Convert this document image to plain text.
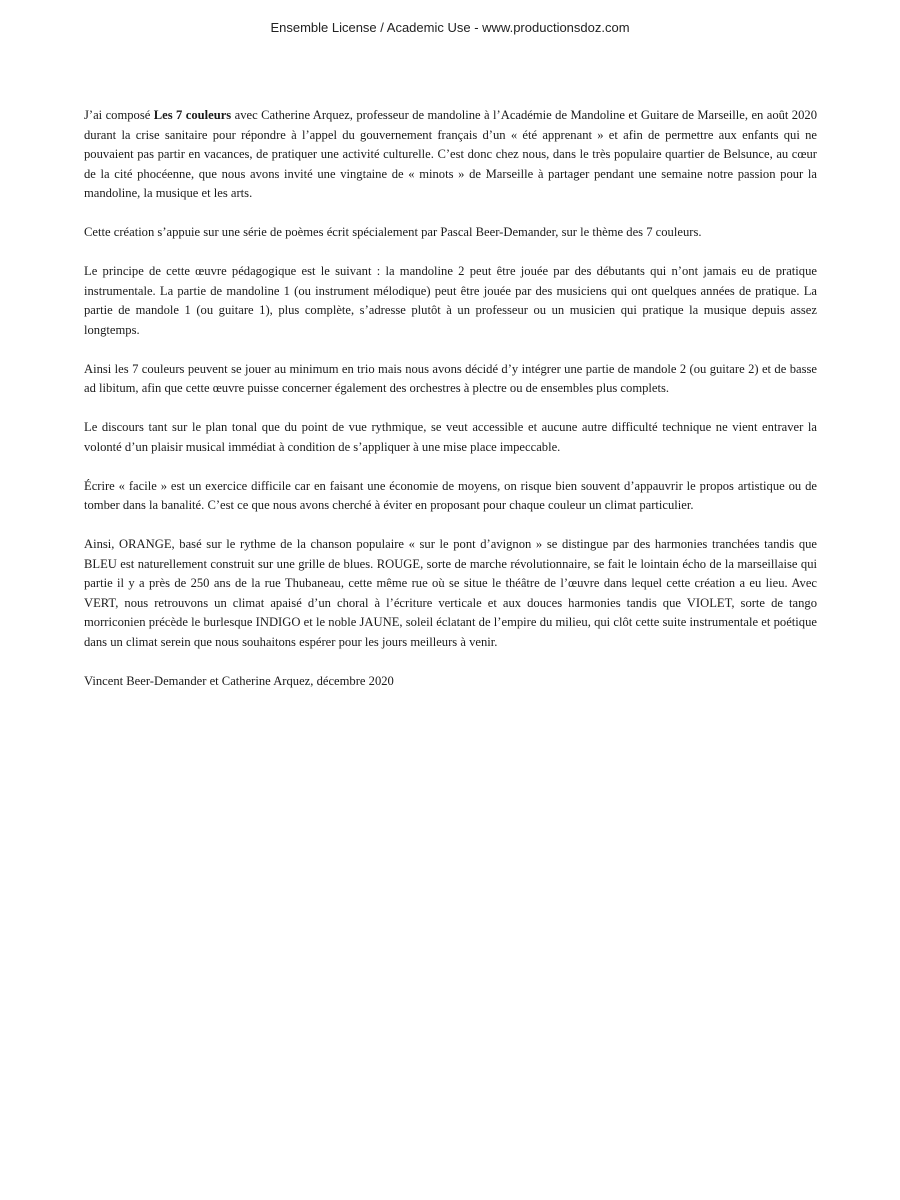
Ensemble License / Academic Use - www.productionsdoz.com

J’ai composé Les 7 couleurs avec Catherine Arquez, professeur de mandoline à l’Académie de Mandoline et Guitare de Marseille, en août 2020 durant la crise sanitaire pour répondre à l’appel du gouvernement français d’un « été apprenant » et afin de permettre aux enfants qui ne pouvaient pas partir en vacances, de pratiquer une activité culturelle. C’est donc chez nous, dans le très populaire quartier de Belsunce, au cœur de la cité phocéenne, que nous avons invité une vingtaine de « minots » de Marseille à partager pendant une semaine notre passion pour la mandoline, la musique et les arts.

Cette création s’appuie sur une série de poèmes écrit spécialement par Pascal Beer-Demander, sur le thème des 7 couleurs.

Le principe de cette œuvre pédagogique est le suivant : la mandoline 2 peut être jouée par des débutants qui n’ont jamais eu de pratique instrumentale. La partie de mandoline 1 (ou instrument mélodique) peut être jouée par des musiciens qui ont quelques années de pratique. La partie de mandole 1 (ou guitare 1), plus complète, s’adresse plutôt à un professeur ou un musicien qui pratique la musique depuis assez longtemps.

Ainsi les 7 couleurs peuvent se jouer au minimum en trio mais nous avons décidé d’y intégrer une partie de mandole 2 (ou guitare 2) et de basse ad libitum, afin que cette œuvre puisse concerner également des orchestres à plectre ou de ensembles plus complets.

Le discours tant sur le plan tonal que du point de vue rythmique, se veut accessible et aucune autre difficulté technique ne vient entraver la volonté d’un plaisir musical immédiat à condition de s’appliquer à une mise place impeccable.

Écrire « facile » est un exercice difficile car en faisant une économie de moyens, on risque bien souvent d’appauvrir le propos artistique ou de tomber dans la banalité. C’est ce que nous avons cherché à éviter en proposant pour chaque couleur un climat particulier.

Ainsi, ORANGE, basé sur le rythme de la chanson populaire « sur le pont d’avignon » se distingue par des harmonies tranchées tandis que BLEU est naturellement construit sur une grille de blues. ROUGE, sorte de marche révolutionnaire, se fait le lointain écho de la marseillaise qui partie il y a près de 250 ans de la rue Thubaneau, cette même rue où se situe le théâtre de l’œuvre dans lequel cette création a eu lieu. Avec VERT, nous retrouvons un climat apaisé d’un choral à l’écriture verticale et aux douces harmonies tandis que VIOLET, sorte de tango morriconien précède le burlesque INDIGO et le noble JAUNE, soleil éclatant de l’empire du milieu, qui clôt cette suite instrumentale et poétique dans un climat serein que nous souhaitons espérer pour les jours meilleurs à venir.

Vincent Beer-Demander et Catherine Arquez, décembre 2020
